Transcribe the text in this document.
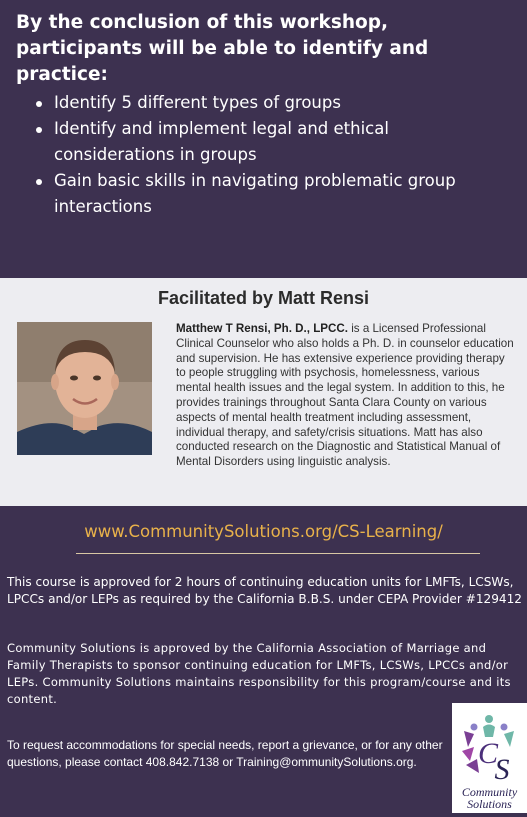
By the conclusion of this workshop, participants will be able to identify and practice:
Identify 5 different types of groups
Identify and implement legal and ethical considerations in groups
Gain basic skills in navigating problematic group interactions
Facilitated by Matt Rensi

Matthew T Rensi, Ph. D., LPCC. is a Licensed Professional Clinical Counselor who also holds a Ph. D. in counselor education and supervision. He has extensive experience providing therapy to people struggling with psychosis, homelessness, various mental health issues and the legal system. In addition to this, he provides trainings throughout Santa Clara County on various aspects of mental health treatment including assessment, individual therapy, and safety/crisis situations. Matt has also conducted research on the Diagnostic and Statistical Manual of Mental Disorders using linguistic analysis.

www.CommunitySolutions.org/CS-Learning/

This course is approved for 2 hours of continuing education units for LMFTs, LCSWs, LPCCs and/or LEPs as required by the California B.B.S. under CEPA Provider #129412

Community Solutions is approved by the California Association of Marriage and Family Therapists to sponsor continuing education for LMFTs, LCSWs, LPCCs and/or LEPs. Community Solutions maintains responsibility for this program/course and its content.

To request accommodations for special needs, report a grievance, or for any other questions, please contact 408.842.7138 or Training@ommunitySolutions.org.	C
S
Community
Solutions
